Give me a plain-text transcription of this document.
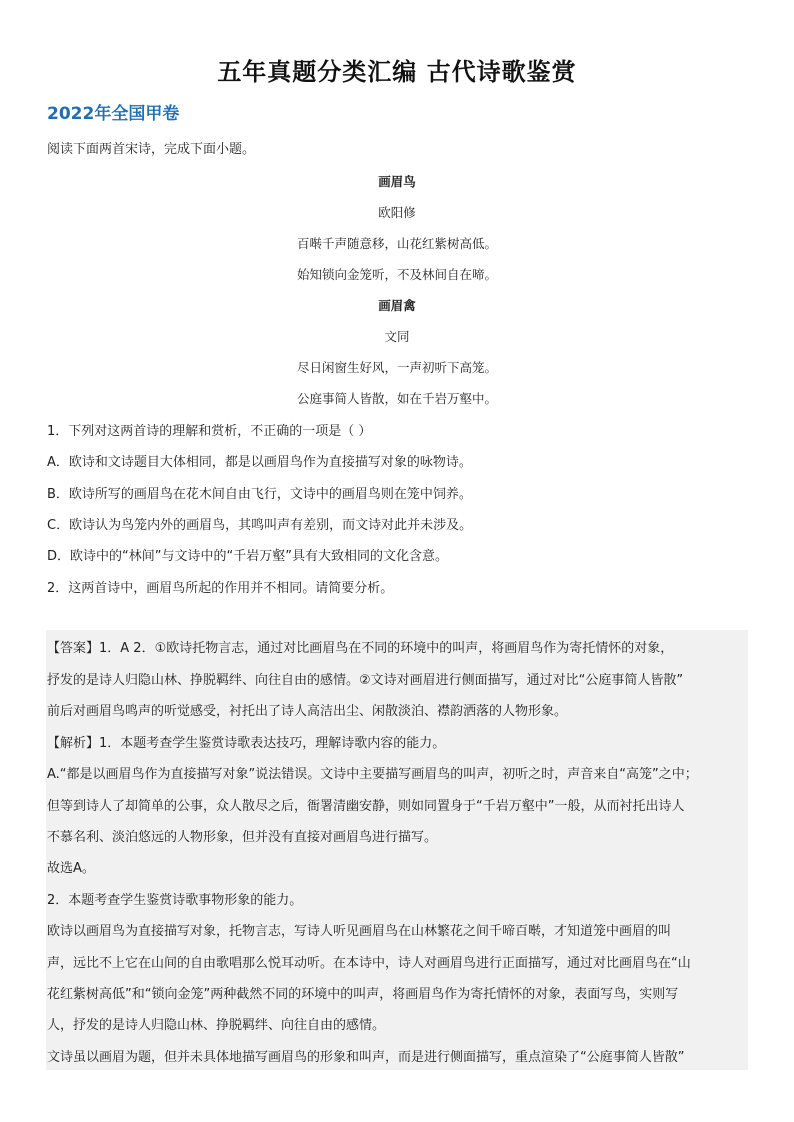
五年真题分类汇编 古代诗歌鉴赏
2022年全国甲卷
阅读下面两首宋诗，完成下面小题。
画眉鸟
欧阳修
百啭千声随意移，山花红紫树高低。
始知锁向金笼听，不及林间自在啼。
画眉禽
文同
尽日闲窗生好风，一声初听下高笼。
公庭事简人皆散，如在千岩万壑中。
1．下列对这两首诗的理解和赏析，不正确的一项是（ ）
A．欧诗和文诗题目大体相同，都是以画眉鸟作为直接描写对象的咏物诗。
B．欧诗所写的画眉鸟在花木间自由飞行，文诗中的画眉鸟则在笼中饲养。
C．欧诗认为鸟笼内外的画眉鸟，其鸣叫声有差别，而文诗对此并未涉及。
D．欧诗中的“林间”与文诗中的“千岩万壑”具有大致相同的文化含意。
2．这两首诗中，画眉鸟所起的作用并不相同。请简要分析。
【答案】1．A 2．①欧诗托物言志，通过对比画眉鸟在不同的环境中的叫声，将画眉鸟作为寄托情怀的对象，
抒发的是诗人归隐山林、挣脱羁绊、向往自由的感情。②文诗对画眉进行侧面描写，通过对比“公庭事简人皆散”
前后对画眉鸟鸣声的听觉感受，衬托出了诗人高洁出尘、闲散淡泊、襟韵洒落的人物形象。
【解析】1．本题考查学生鉴赏诗歌表达技巧，理解诗歌内容的能力。
A.“都是以画眉鸟作为直接描写对象”说法错误。文诗中主要描写画眉鸟的叫声，初听之时，声音来自“高笼”之中；
但等到诗人了却简单的公事，众人散尽之后，衙署清幽安静，则如同置身于“千岩万壑中”一般，从而衬托出诗人
不慕名利、淡泊悠远的人物形象，但并没有直接对画眉鸟进行描写。
故选A。
2．本题考查学生鉴赏诗歌事物形象的能力。
欧诗以画眉鸟为直接描写对象，托物言志，写诗人听见画眉鸟在山林繁花之间千啼百啭，才知道笼中画眉的叫
声，远比不上它在山间的自由歌唱那么悦耳动听。在本诗中，诗人对画眉鸟进行正面描写，通过对比画眉鸟在“山
花红紫树高低”和“锁向金笼”两种截然不同的环境中的叫声，将画眉鸟作为寄托情怀的对象，表面写鸟，实则写
人，抒发的是诗人归隐山林、挣脱羁绊、向往自由的感情。
文诗虽以画眉为题，但并未具体地描写画眉鸟的形象和叫声，而是进行侧面描写，重点渲染了“公庭事简人皆散”
